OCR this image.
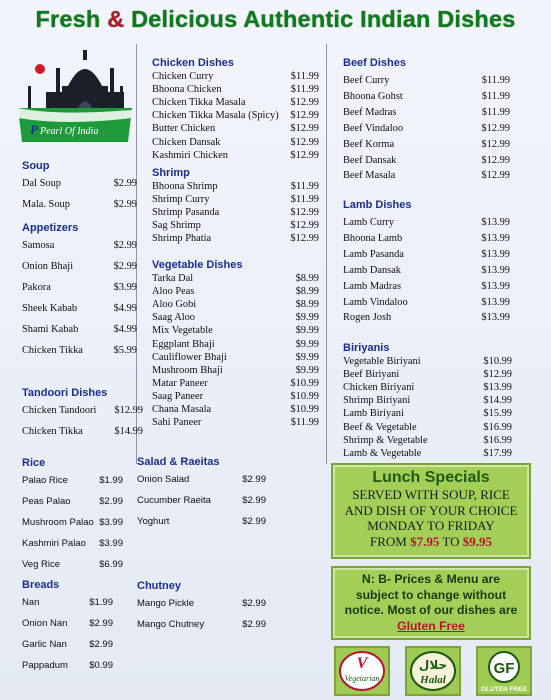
Fresh & Delicious Authentic Indian Dishes
P Pearl Of India
Soup
Dal Soup	$2.99
Mala. Soup	$2.99
Appetizers
Samosa	$2.99
Onion Bhaji	$2.99
Pakora	$3.99
Sheek Kabab	$4.99
Shami Kabab	$4.99
Chicken Tikka	$5.99
Tandoori Dishes
Chicken Tandoori $12.99
Chicken Tikka	$14.99
Rice
Palao Rice	$1.99
Peas Palao	$2.99
Mushroom Palao $3.99
Kashmiri Palao $3.99
Veg Rice	$6.99
Breads
Nan	$1.99
Onion Nan $2.99
Garlic Nan $2.99
Pappadum $0.99
Chicken Dishes
Chicken Curry	$11.99
Bhoona Chicken	$11.99
Chicken Tikka Masala	$12.99
Chicken Tikka Masala (Spicy) $12.99
Butter Chicken	$12.99
Chicken Dansak	$12.99
Kashmiri Chicken	$12.99
Shrimp
Bhoona Shrimp	$11.99
Shrimp Curry	$11.99
Shrimp Pasanda	$12.99
Sag Shrimp	$12.99
Shrimp Phatia	$12.99
Vegetable Dishes
Tarka Dal	$8.99
Aloo Peas	$8.99
Aloo Gobi	$8.99
Saag Aloo	$9.99
Mix Vegetable	$9.99
Eggplant Bhaji	$9.99
Cauliflower Bhaji	$9.99
Mushroom Bhaji	$9.99
Matar Paneer	$10.99
Saag Paneer	$10.99
Chana Masala	$10.99
Sahi Paneer	$11.99
Salad & Raeitas
Onion Salad	$2.99
Cucumber Raeita	$2.99
Yoghurt	$2.99
Chutney
Mango Pickle	$2.99
Mango Chutney	$2.99
Beef Dishes
Beef Curry	$11.99
Bhoona Gohst	$11.99
Beef Madras	$11.99
Beef Vindaloo	$12.99
Beef Korma	$12.99
Beef Dansak	$12.99
Beef Masala	$12.99
Lamb Dishes
Lamb Curry	$13.99
Bhoona Lamb	$13.99
Lamb Pasanda	$13.99
Lamb Dansak	$13.99
Lamb Madras	$13.99
Lamb Vindaloo	$13.99
Rogen Josh	$13.99
Biriyanis
Vegetable Biriyani	$10.99
Beef Biriyani	$12.99
Chicken Biriyani	$13.99
Shrimp Biriyani	$14.99
Lamb Biriyani	$15.99
Beef & Vegetable	$16.99
Shrimp & Vegetable	$16.99
Lamb & Vegetable	$17.99
Lunch Specials
SERVED WITH SOUP, RICE
AND DISH OF YOUR CHOICE
MONDAY TO FRIDAY
FROM $7.95 TO $9.95
N: B- Prices & Menu are
subject to change without
notice. Most of our dishes are
Gluten Free
V
Vegetarian
حلال
Halal
GF
GLUTEN FREE
